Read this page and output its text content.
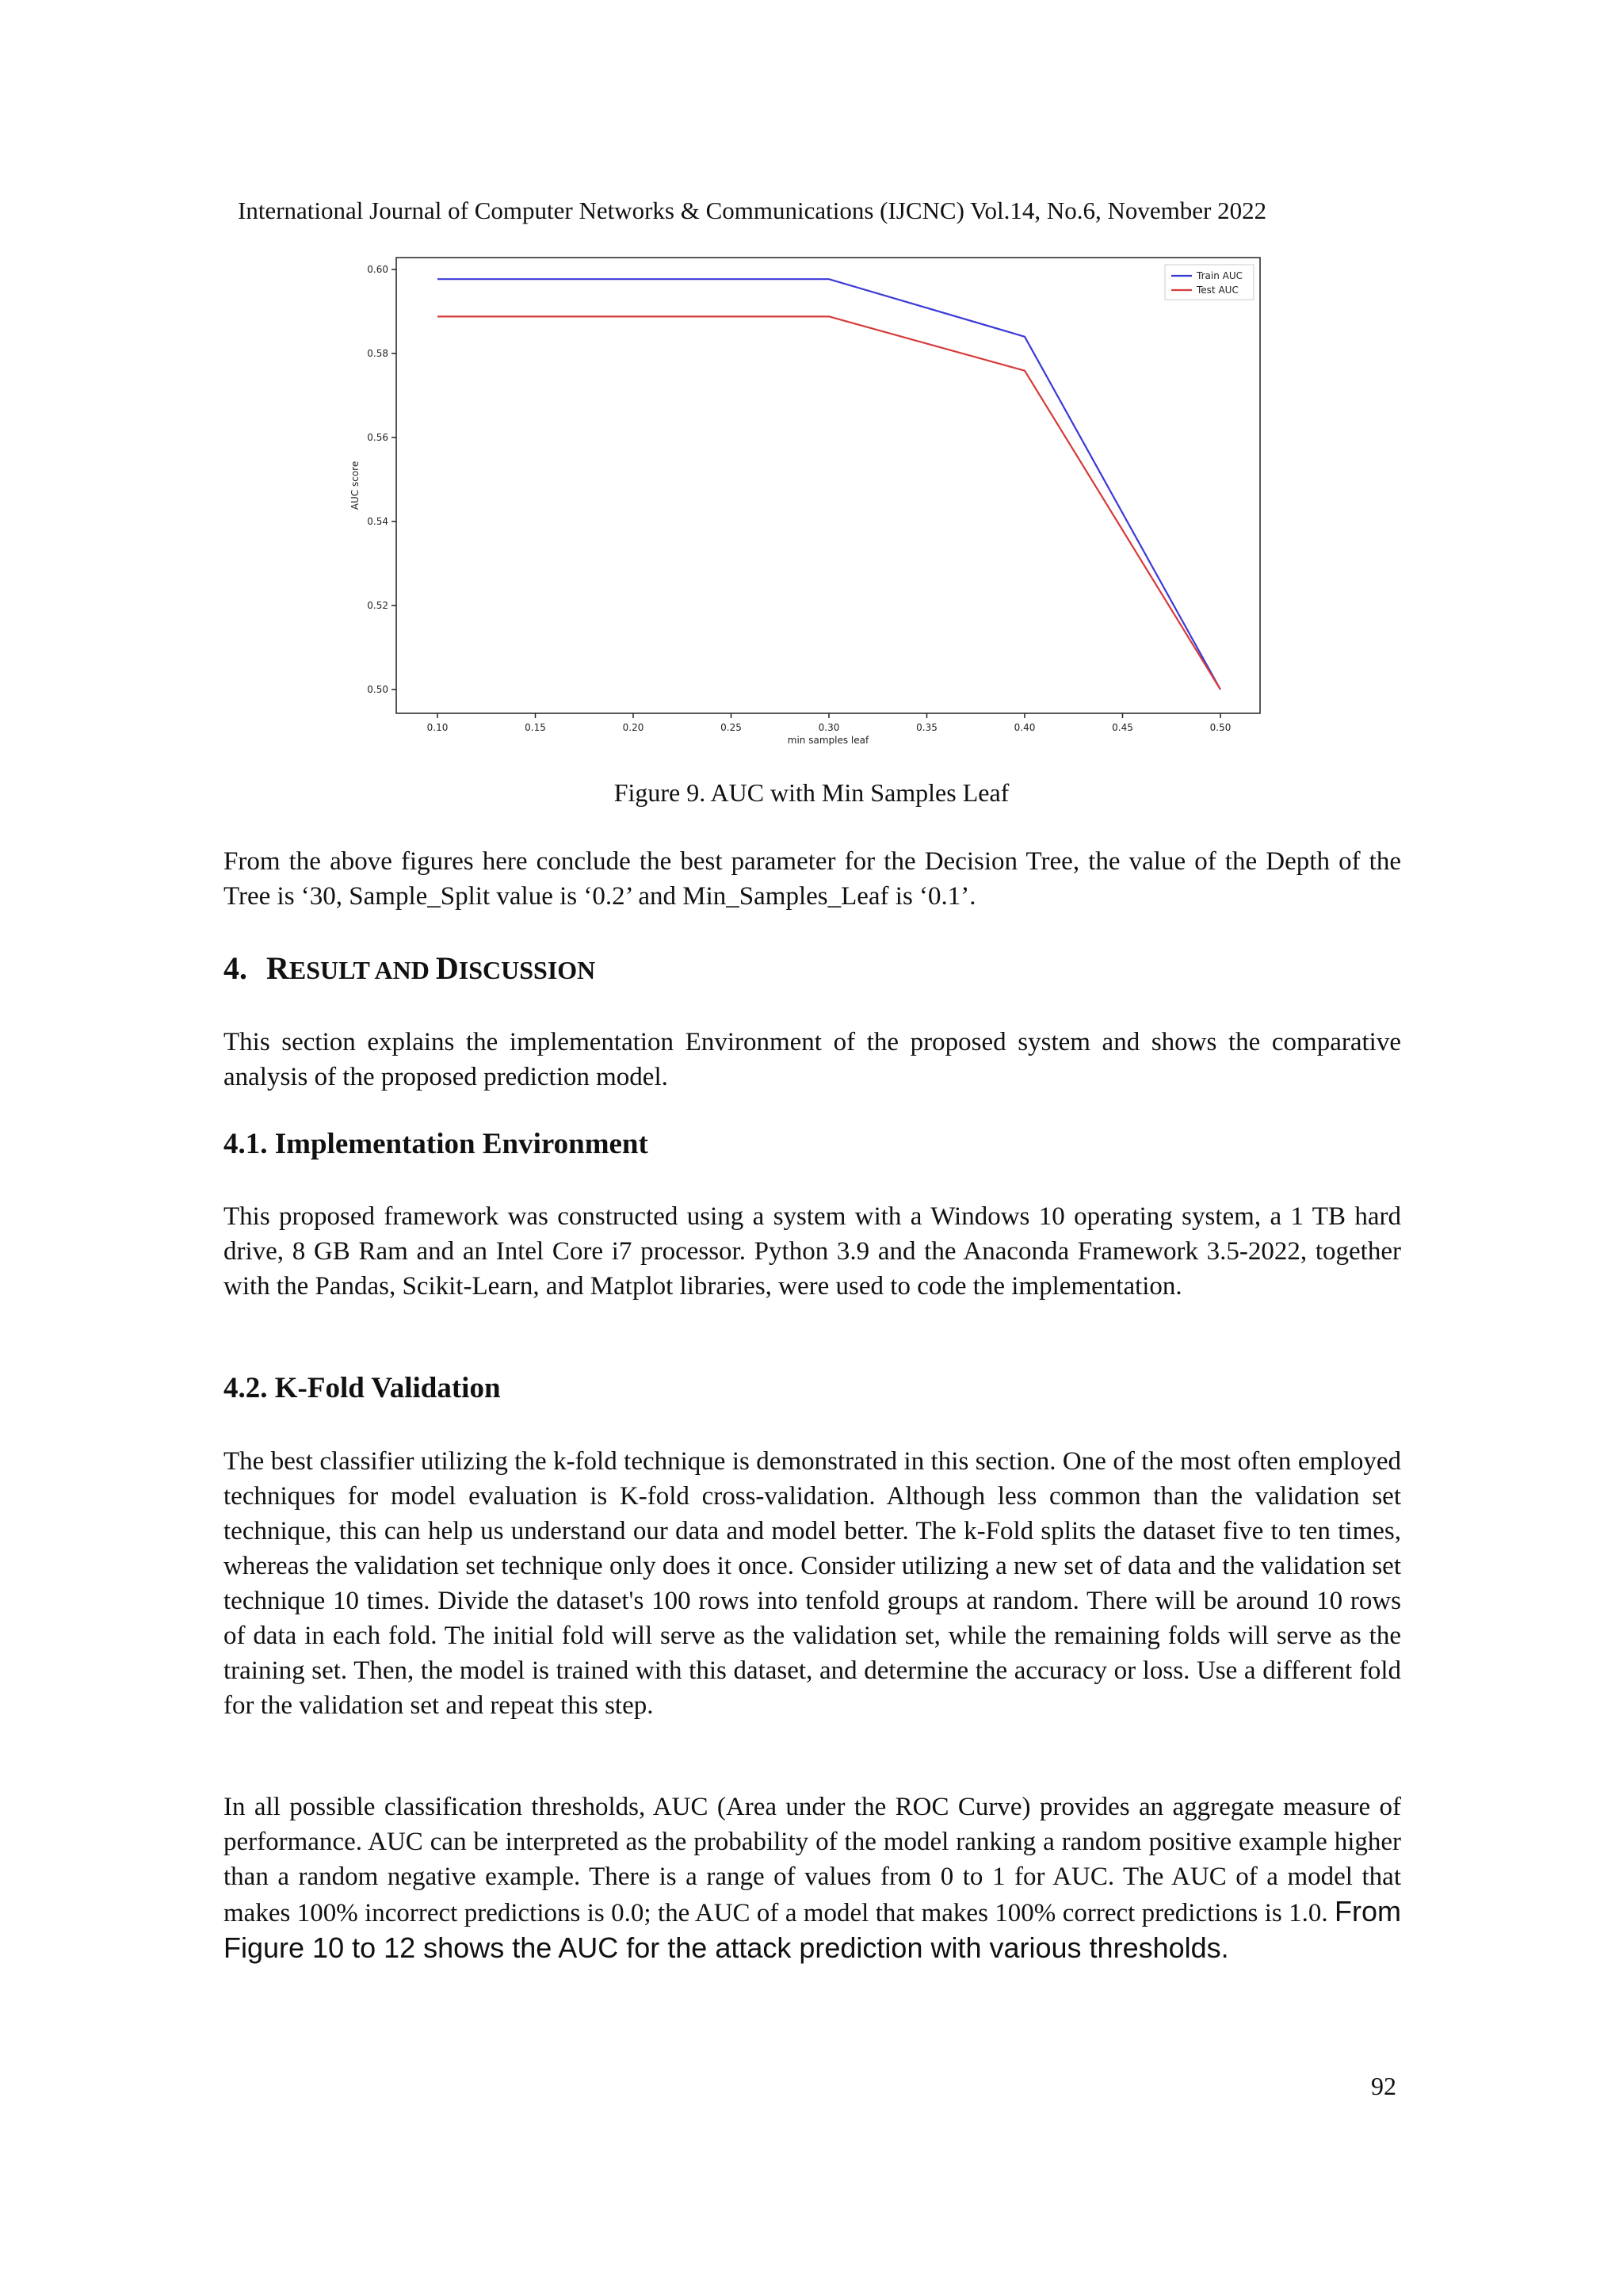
International Journal of Computer Networks & Communications (IJCNC) Vol.14, No.6, November 2022
0.50
0.52
0.54
0.56
0.58
0.60
0.10	0.15	0.20	0.25	0.30	0.35	0.40	0.45	0.50
min samples leaf
AUC score
Train AUC
Test AUC
Figure 9. AUC with Min Samples Leaf

From the above figures here conclude the best parameter for the Decision Tree, the value of the Depth of the Tree is ‘30, Sample_Split value is ‘0.2’ and Min_Samples_Leaf is ‘0.1’.

4. RESULT AND DISCUSSION

This section explains the implementation Environment of the proposed system and shows the comparative analysis of the proposed prediction model.

4.1. Implementation Environment

This proposed framework was constructed using a system with a Windows 10 operating system, a 1 TB hard drive, 8 GB Ram and an Intel Core i7 processor. Python 3.9 and the Anaconda Framework 3.5-2022, together with the Pandas, Scikit-Learn, and Matplot libraries, were used to code the implementation.

4.2. K-Fold Validation

The best classifier utilizing the k-fold technique is demonstrated in this section. One of the most often employed techniques for model evaluation is K-fold cross-validation. Although less common than the validation set technique, this can help us understand our data and model better. The k-Fold splits the dataset five to ten times, whereas the validation set technique only does it once. Consider utilizing a new set of data and the validation set technique 10 times. Divide the dataset's 100 rows into tenfold groups at random. There will be around 10 rows of data in each fold. The initial fold will serve as the validation set, while the remaining folds will serve as the training set. Then, the model is trained with this dataset, and determine the accuracy or loss. Use a different fold for the validation set and repeat this step.

In all possible classification thresholds, AUC (Area under the ROC Curve) provides an aggregate measure of performance. AUC can be interpreted as the probability of the model ranking a random positive example higher than a random negative example. There is a range of values from 0 to 1 for AUC. The AUC of a model that makes 100% incorrect predictions is 0.0; the AUC of a model that makes 100% correct predictions is 1.0. From Figure 10 to 12 shows the AUC for the attack prediction with various thresholds.

92
